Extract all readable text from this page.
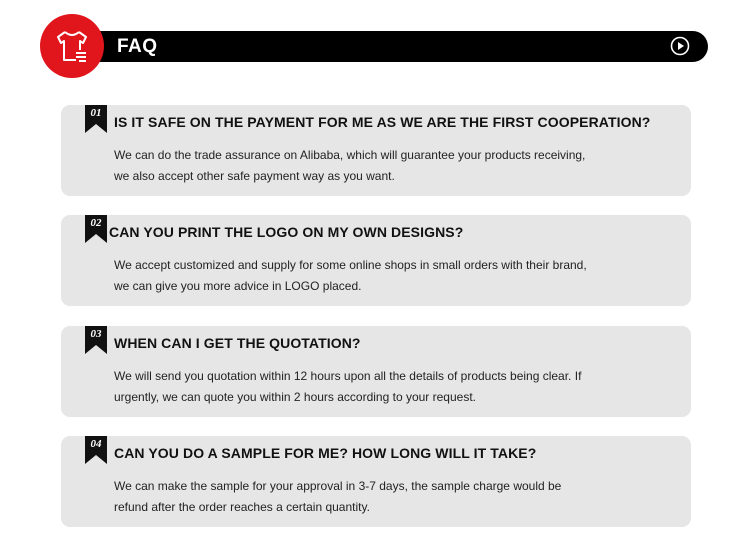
FAQ
01
IS IT SAFE ON THE PAYMENT FOR ME AS WE ARE THE FIRST COOPERATION?
We can do the trade assurance on Alibaba, which will guarantee your products receiving,
we also accept other safe payment way as you want.
02
CAN YOU PRINT THE LOGO ON MY OWN DESIGNS?
We accept customized and supply for some online shops in small orders with their brand,
we can give you more advice in LOGO placed.
03
WHEN CAN I GET THE QUOTATION?
We will send you quotation within 12 hours upon all the details of products being clear. If
urgently, we can quote you within 2 hours according to your request.
04
CAN YOU DO A SAMPLE FOR ME? HOW LONG WILL IT TAKE?
We can make the sample for your approval in 3-7 days, the sample charge would be
refund after the order reaches a certain quantity.
